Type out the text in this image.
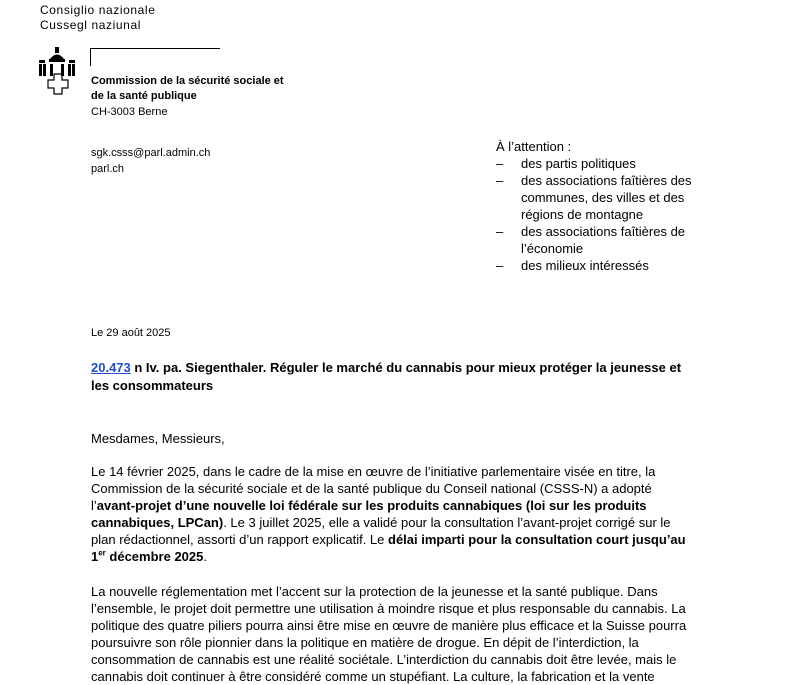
Consiglio nazionale
Cussegl naziunal
Commission de la sécurité sociale et
de la santé publique
CH-3003 Berne
sgk.csss@parl.admin.ch
parl.ch
À l’attention :
– des partis politiques
– des associations faîtières des communes, des villes et des régions de montagne
– des associations faîtières de l’économie
– des milieux intéressés
Le 29 août 2025
20.473 n Iv. pa. Siegenthaler. Réguler le marché du cannabis pour mieux protéger la jeunesse et les consommateurs

Mesdames, Messieurs,

Le 14 février 2025, dans le cadre de la mise en œuvre de l’initiative parlementaire visée en titre, la Commission de la sécurité sociale et de la santé publique du Conseil national (CSSS-N) a adopté l’avant-projet d’une nouvelle loi fédérale sur les produits cannabiques (loi sur les produits cannabiques, LPCan). Le 3 juillet 2025, elle a validé pour la consultation l’avant-projet corrigé sur le plan rédactionnel, assorti d’un rapport explicatif. Le délai imparti pour la consultation court jusqu’au 1er décembre 2025.

La nouvelle réglementation met l’accent sur la protection de la jeunesse et la santé publique. Dans l’ensemble, le projet doit permettre une utilisation à moindre risque et plus responsable du cannabis. La politique des quatre piliers pourra ainsi être mise en œuvre de manière plus efficace et la Suisse pourra poursuivre son rôle pionnier dans la politique en matière de drogue. En dépit de l’interdiction, la consommation de cannabis est une réalité sociétale. L’interdiction du cannabis doit être levée, mais le cannabis doit continuer à être considéré comme un stupéfiant. La culture, la fabrication et la vente
